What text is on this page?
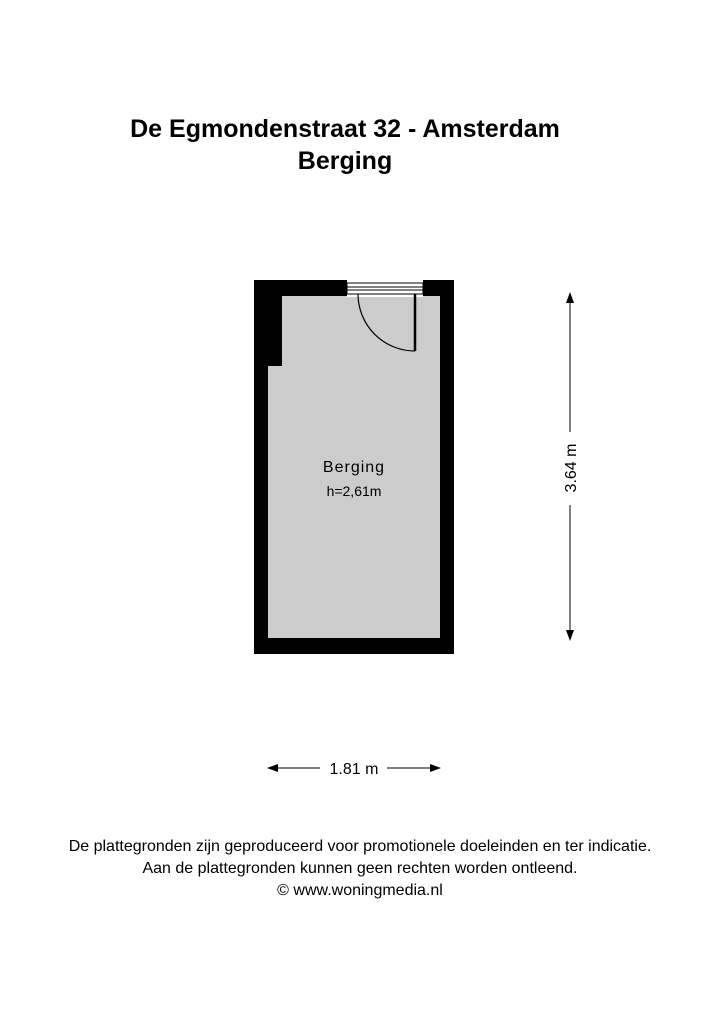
De Egmondenstraat 32 - Amsterdam
Berging
Berging
h=2,61m	3.64 m
1.81 m
De plattegronden zijn geproduceerd voor promotionele doeleinden en ter indicatie.
Aan de plattegronden kunnen geen rechten worden ontleend.
© www.woningmedia.nl
